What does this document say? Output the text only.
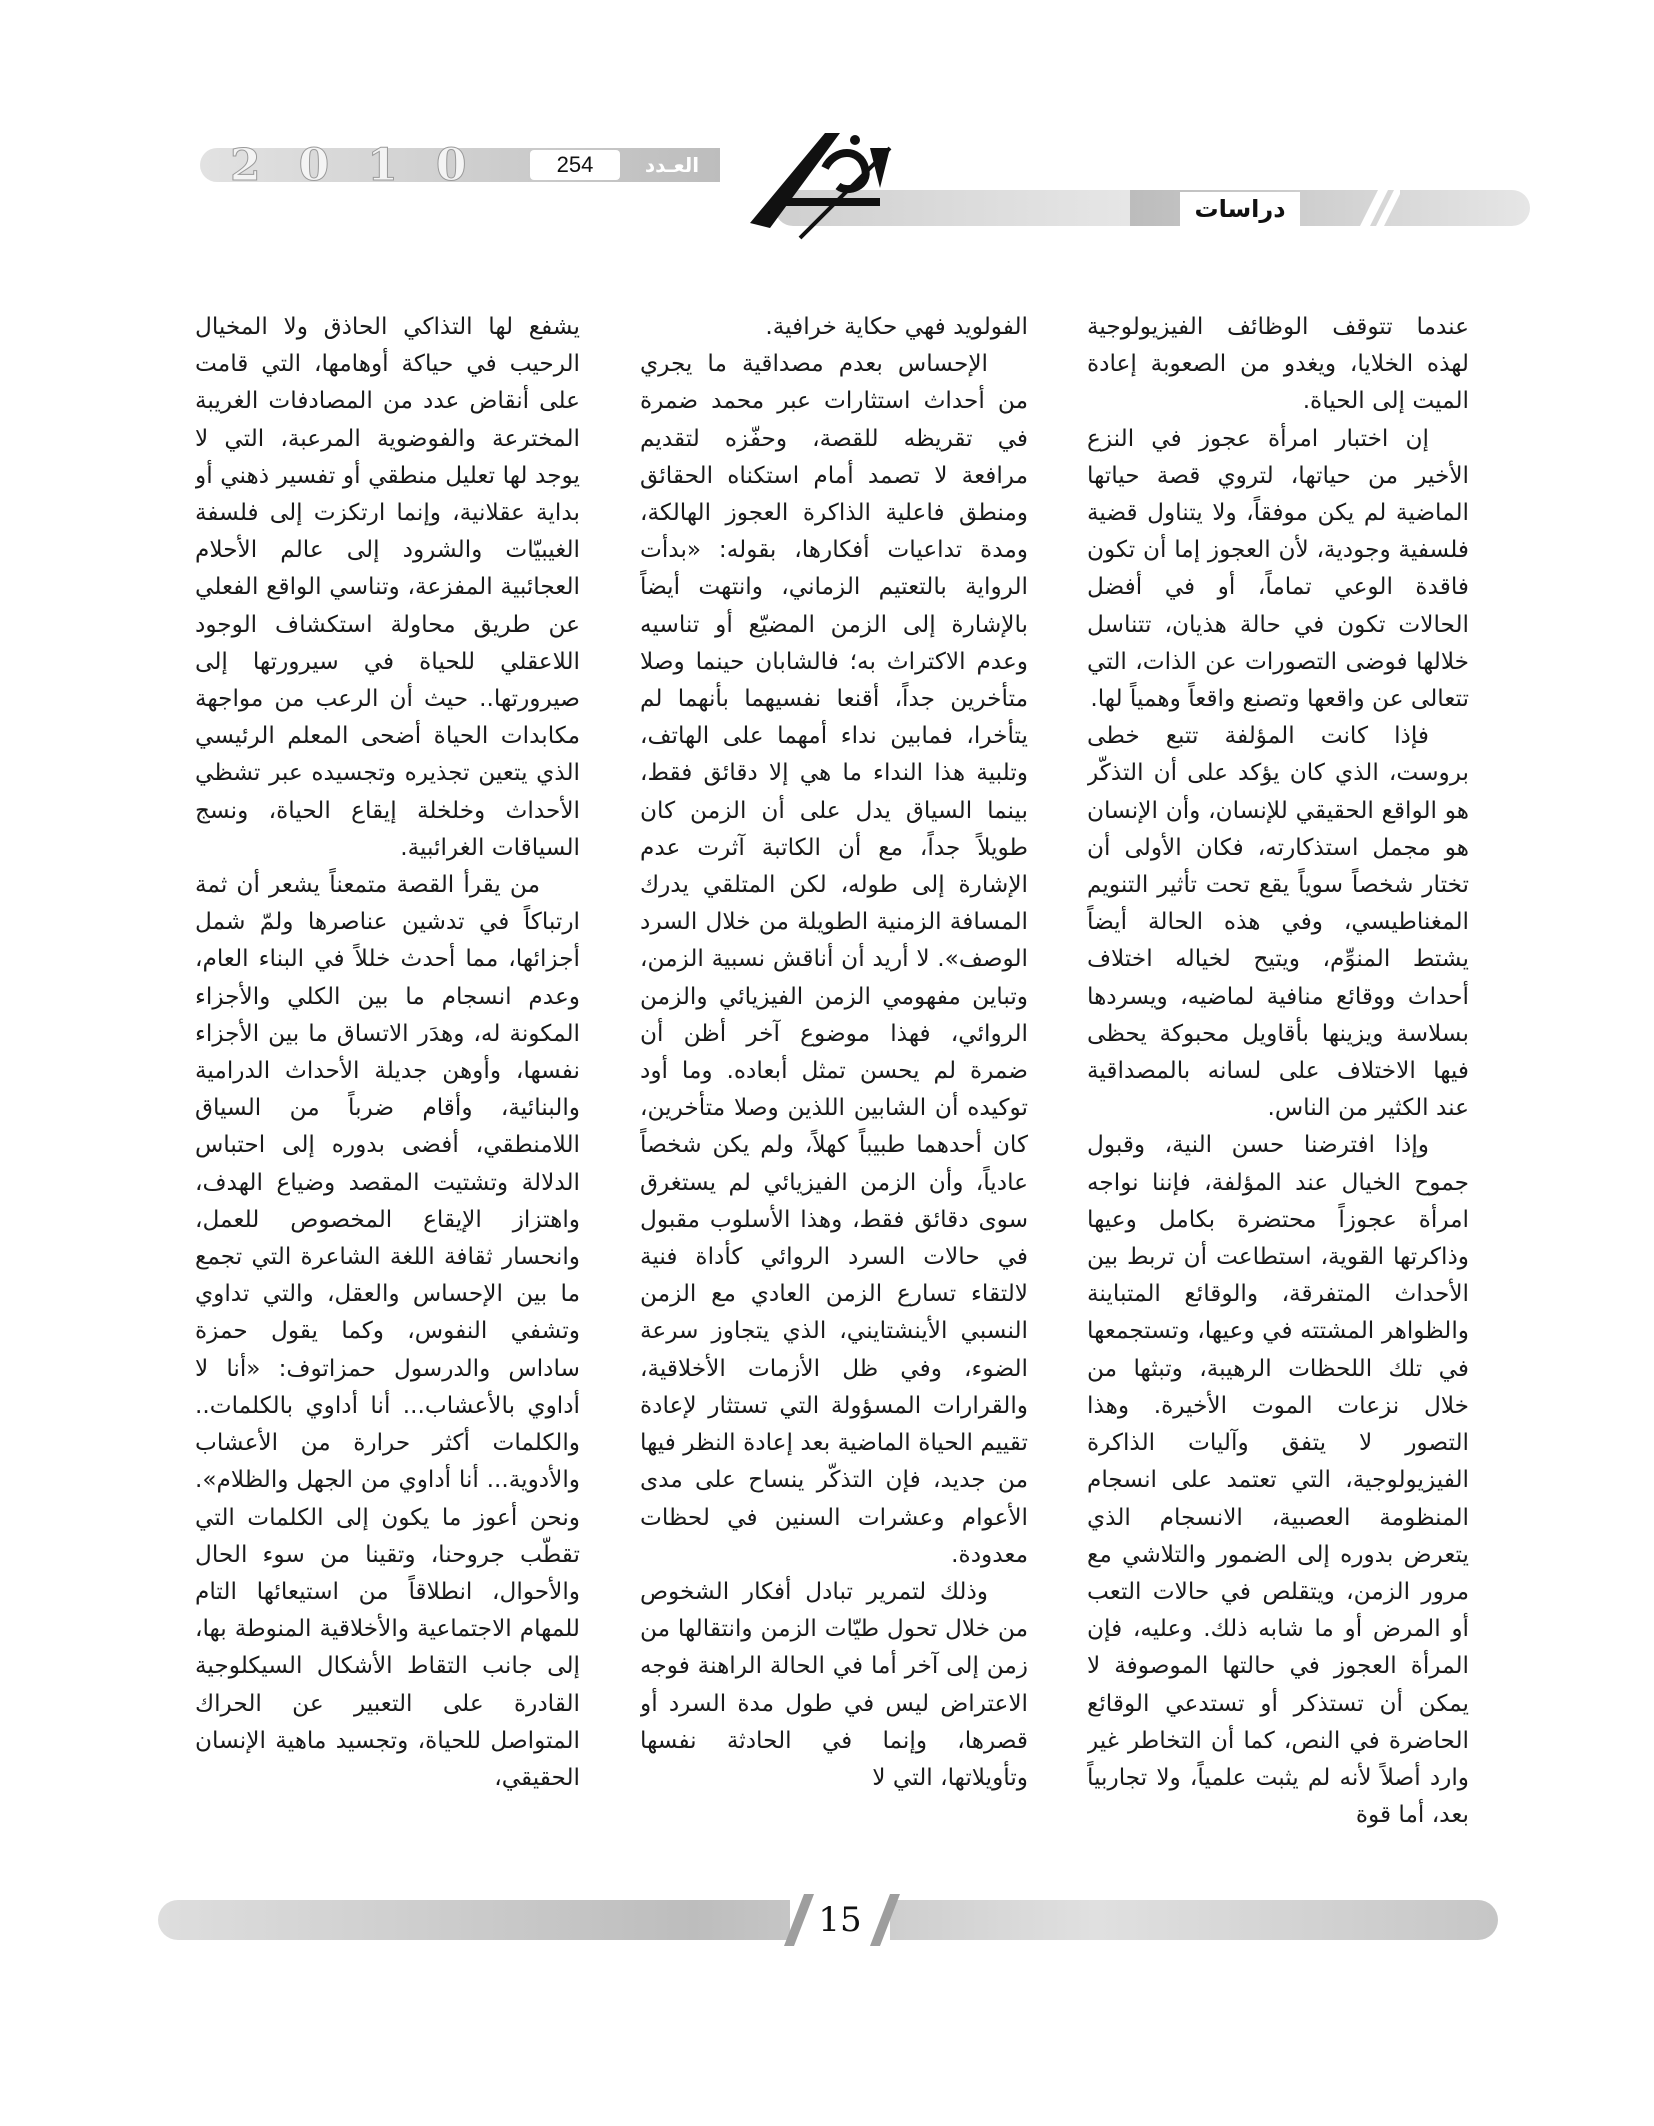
2 0 1 0	254	العـدد
دراسات

عندما تتوقف الوظائف الفيزيولوجية لهذه الخلايا، ويغدو من الصعوبة إعادة الميت إلى الحياة.

إن اختبار امرأة عجوز في النزع الأخير من حياتها، لتروي قصة حياتها الماضية لم يكن موفقاً، ولا يتناول قضية فلسفية وجودية، لأن العجوز إما أن تكون فاقدة الوعي تماماً، أو في أفضل الحالات تكون في حالة هذيان، تتناسل خلالها فوضى التصورات عن الذات، التي تتعالى عن واقعها وتصنع واقعاً وهمياً لها.

فإذا كانت المؤلفة تتبع خطى بروست، الذي كان يؤكد على أن التذكّر هو الواقع الحقيقي للإنسان، وأن الإنسان هو مجمل استذكارته، فكان الأولى أن تختار شخصاً سوياً يقع تحت تأثير التنويم المغناطيسي، وفي هذه الحالة أيضاً يشتط المنوِّم، ويتيح لخياله اختلاف أحداث ووقائع منافية لماضيه، ويسردها بسلاسة ويزينها بأقاويل محبوكة يحظى فيها الاختلاف على لسانه بالمصداقية عند الكثير من الناس.

وإذا افترضنا حسن النية، وقبول جموح الخيال عند المؤلفة، فإننا نواجه امرأة عجوزاً محتضرة بكامل وعيها وذاكرتها القوية، استطاعت أن تربط بين الأحداث المتفرقة، والوقائع المتباينة والظواهر المشتته في وعيها، وتستجمعها في تلك اللحظات الرهيبة، وتبثها من خلال نزعات الموت الأخيرة. وهذا التصور لا يتفق وآليات الذاكرة الفيزيولوجية، التي تعتمد على انسجام المنظومة العصبية، الانسجام الذي يتعرض بدوره إلى الضمور والتلاشي مع مرور الزمن، ويتقلص في حالات التعب أو المرض أو ما شابه ذلك. وعليه، فإن المرأة العجوز في حالتها الموصوفة لا يمكن أن تستذكر أو تستدعي الوقائع الحاضرة في النص، كما أن التخاطر غير وارد أصلاً لأنه لم يثبت علمياً، ولا تجاربياً بعد، أما قوة

الفولويد فهي حكاية خرافية.

الإحساس بعدم مصداقية ما يجري من أحداث استثارات عبر محمد ضمرة في تقريظه للقصة، وحفّزه لتقديم مرافعة لا تصمد أمام استكناه الحقائق ومنطق فاعلية الذاكرة العجوز الهالكة، ومدة تداعيات أفكارها، بقوله: «بدأت الرواية بالتعتيم الزماني، وانتهت أيضاً بالإشارة إلى الزمن المضيّع أو تناسيه وعدم الاكتراث به؛ فالشابان حينما وصلا متأخرين جداً، أقنعا نفسيهما بأنهما لم يتأخرا، فمابين نداء أمهما على الهاتف، وتلبية هذا النداء ما هي إلا دقائق فقط، بينما السياق يدل على أن الزمن كان طويلاً جداً، مع أن الكاتبة آثرت عدم الإشارة إلى طوله، لكن المتلقي يدرك المسافة الزمنية الطويلة من خلال السرد الوصف». لا أريد أن أناقش نسبية الزمن، وتباين مفهومي الزمن الفيزيائي والزمن الروائي، فهذا موضوع آخر أظن أن ضمرة لم يحسن تمثل أبعاده. وما أود توكيده أن الشابين اللذين وصلا متأخرين، كان أحدهما طبيباً كهلاً، ولم يكن شخصاً عادياً، وأن الزمن الفيزيائي لم يستغرق سوى دقائق فقط، وهذا الأسلوب مقبول في حالات السرد الروائي كأداة فنية لالتقاء تسارع الزمن العادي مع الزمن النسبي الأينشتايني، الذي يتجاوز سرعة الضوء، وفي ظل الأزمات الأخلاقية، والقرارات المسؤولة التي تستثار لإعادة تقييم الحياة الماضية بعد إعادة النظر فيها من جديد، فإن التذكّر ينساح على مدى الأعوام وعشرات السنين في لحظات معدودة.

وذلك لتمرير تبادل أفكار الشخوص من خلال تحول طيّات الزمن وانتقالها من زمن إلى آخر أما في الحالة الراهنة فوجه الاعتراض ليس في طول مدة السرد أو قصرها، وإنما في الحادثة نفسها وتأويلاتها، التي لا

يشفع لها التذاكي الحاذق ولا المخيال الرحيب في حياكة أوهامها، التي قامت على أنقاض عدد من المصادفات الغريبة المخترعة والفوضوية المرعبة، التي لا يوجد لها تعليل منطقي أو تفسير ذهني أو بداية عقلانية، وإنما ارتكزت إلى فلسفة الغيبيّات والشرود إلى عالم الأحلام العجائبية المفزعة، وتناسي الواقع الفعلي عن طريق محاولة استكشاف الوجود اللاعقلي للحياة في سيرورتها إلى صيرورتها.. حيث أن الرعب من مواجهة مكابدات الحياة أضحى المعلم الرئيسي الذي يتعين تجذيره وتجسيده عبر تشظي الأحداث وخلخلة إيقاع الحياة، ونسج السياقات الغرائبية.

من يقرأ القصة متمعناً يشعر أن ثمة ارتباكاً في تدشين عناصرها ولمّ شمل أجزائها، مما أحدث خللاً في البناء العام، وعدم انسجام ما بين الكلي والأجزاء المكونة له، وهدَر الاتساق ما بين الأجزاء نفسها، وأوهن جديلة الأحداث الدرامية والبنائية، وأقام ضرباً من السياق اللامنطقي، أفضى بدوره إلى احتباس الدلالة وتشتيت المقصد وضياع الهدف، واهتزاز الإيقاع المخصوص للعمل، وانحسار ثقافة اللغة الشاعرة التي تجمع ما بين الإحساس والعقل، والتي تداوي وتشفي النفوس، وكما يقول حمزة ساداس والدرسول حمزاتوف: «أنا لا أداوي بالأعشاب... أنا أداوي بالكلمات.. والكلمات أكثر حرارة من الأعشاب والأدوية... أنا أداوي من الجهل والظلام». ونحن أعوز ما يكون إلى الكلمات التي تقطّب جروحنا، وتقينا من سوء الحال والأحوال، انطلاقاً من استيعائها التام للمهام الاجتماعية والأخلاقية المنوطة بها، إلى جانب التقاط الأشكال السيكلوجية القادرة على التعبير عن الحراك المتواصل للحياة، وتجسيد ماهية الإنسان الحقيقي،

15
